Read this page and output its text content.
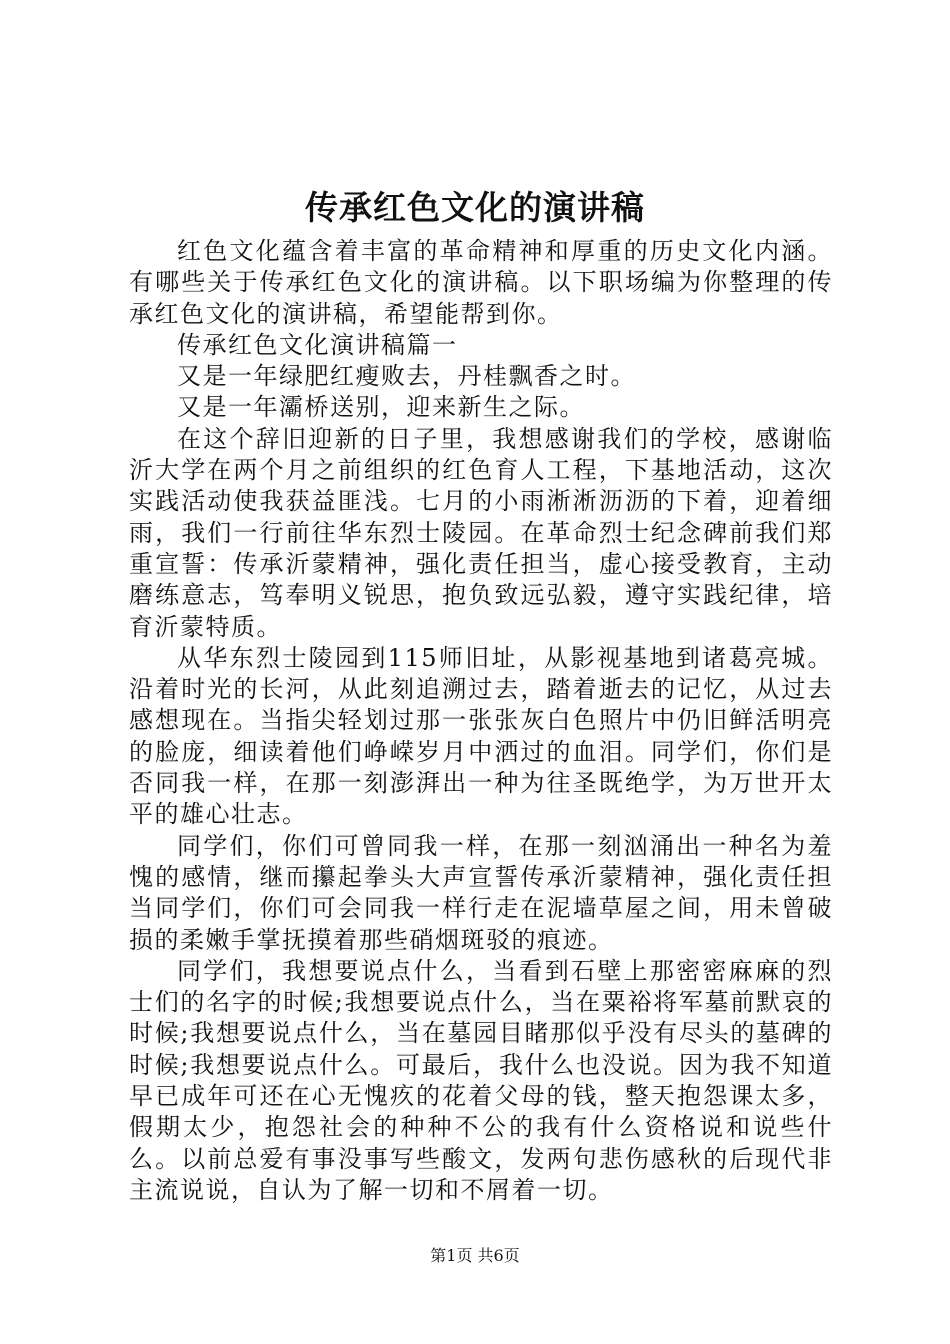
传承红色文化的演讲稿

红色文化蕴含着丰富的革命精神和厚重的历史文化内涵。有哪些关于传承红色文化的演讲稿。以下职场编为你整理的传承红色文化的演讲稿，希望能帮到你。

传承红色文化演讲稿篇一

又是一年绿肥红瘦败去，丹桂飘香之时。

又是一年灞桥送别，迎来新生之际。

在这个辞旧迎新的日子里，我想感谢我们的学校，感谢临沂大学在两个月之前组织的红色育人工程，下基地活动，这次实践活动使我获益匪浅。七月的小雨淅淅沥沥的下着，迎着细雨，我们一行前往华东烈士陵园。在革命烈士纪念碑前我们郑重宣誓：传承沂蒙精神，强化责任担当，虚心接受教育，主动磨练意志，笃奉明义锐思，抱负致远弘毅，遵守实践纪律，培育沂蒙特质。

从华东烈士陵园到115师旧址，从影视基地到诸葛亮城。沿着时光的长河，从此刻追溯过去，踏着逝去的记忆，从过去感想现在。当指尖轻划过那一张张灰白色照片中仍旧鲜活明亮的脸庞，细读着他们峥嵘岁月中洒过的血泪。同学们，你们是否同我一样，在那一刻澎湃出一种为往圣既绝学，为万世开太平的雄心壮志。

同学们，你们可曾同我一样，在那一刻汹涌出一种名为羞愧的感情，继而攥起拳头大声宣誓传承沂蒙精神，强化责任担当同学们，你们可会同我一样行走在泥墙草屋之间，用未曾破损的柔嫩手掌抚摸着那些硝烟斑驳的痕迹。

同学们，我想要说点什么，当看到石壁上那密密麻麻的烈士们的名字的时候;我想要说点什么，当在粟裕将军墓前默哀的时候;我想要说点什么，当在墓园目睹那似乎没有尽头的墓碑的时候;我想要说点什么。可最后，我什么也没说。因为我不知道早已成年可还在心无愧疚的花着父母的钱，整天抱怨课太多，假期太少，抱怨社会的种种不公的我有什么资格说和说些什么。以前总爱有事没事写些酸文，发两句悲伤感秋的后现代非主流说说，自认为了解一切和不屑着一切。

第1页 共6页
